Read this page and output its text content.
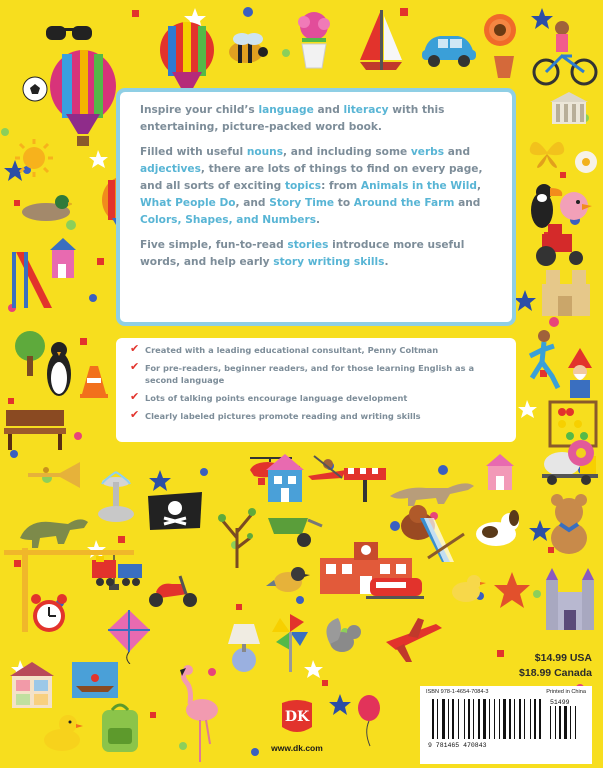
Inspire your child’s language and literacy with this entertaining, picture-packed word book.

Filled with useful nouns, and including some verbs and adjectives, there are lots of things to find on every page, and all sorts of exciting topics: from Animals in the Wild, What People Do, and Story Time to Around the Farm and Colors, Shapes, and Numbers.

Five simple, fun-to-read stories introduce more useful words, and help early story writing skills.

✔ Created with a leading educational consultant, Penny Coltman
✔ For pre-readers, beginner readers, and for those learning English as a second language
✔ Lots of talking points encourage language development
✔ Clearly labeled pictures promote reading and writing skills
$14.99 USA
$18.99 Canada
DK
www.dk.com
ISBN 978-1-4654-7084-3	Printed in China
9 781465 470843
51499
